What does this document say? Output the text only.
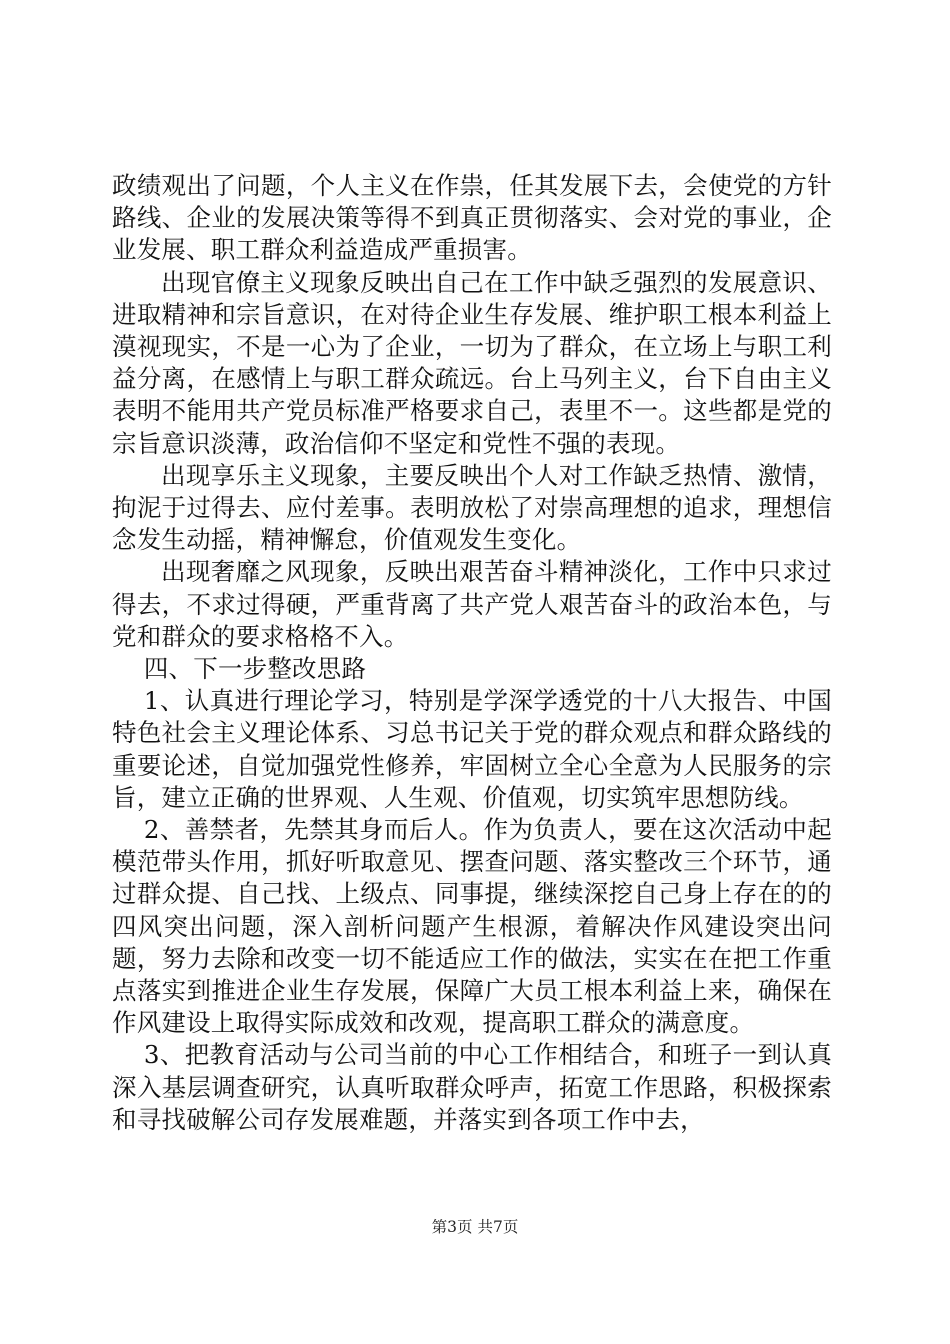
政绩观出了问题，个人主义在作祟，任其发展下去，会使党的方针路线、企业的发展决策等得不到真正贯彻落实、会对党的事业，企业发展、职工群众利益造成严重损害。

出现官僚主义现象反映出自己在工作中缺乏强烈的发展意识、进取精神和宗旨意识，在对待企业生存发展、维护职工根本利益上漠视现实，不是一心为了企业，一切为了群众，在立场上与职工利益分离，在感情上与职工群众疏远。台上马列主义，台下自由主义表明不能用共产党员标准严格要求自己，表里不一。这些都是党的宗旨意识淡薄，政治信仰不坚定和党性不强的表现。

出现享乐主义现象，主要反映出个人对工作缺乏热情、激情，拘泥于过得去、应付差事。表明放松了对崇高理想的追求，理想信念发生动摇，精神懈怠，价值观发生变化。

出现奢靡之风现象，反映出艰苦奋斗精神淡化，工作中只求过得去，不求过得硬，严重背离了共产党人艰苦奋斗的政治本色，与党和群众的要求格格不入。

四、下一步整改思路

1、认真进行理论学习，特别是学深学透党的十八大报告、中国特色社会主义理论体系、习总书记关于党的群众观点和群众路线的重要论述，自觉加强党性修养，牢固树立全心全意为人民服务的宗旨，建立正确的世界观、人生观、价值观，切实筑牢思想防线。

2、善禁者，先禁其身而后人。作为负责人，要在这次活动中起模范带头作用，抓好听取意见、摆查问题、落实整改三个环节，通过群众提、自己找、上级点、同事提，继续深挖自己身上存在的的四风突出问题，深入剖析问题产生根源，着解决作风建设突出问题，努力去除和改变一切不能适应工作的做法，实实在在把工作重点落实到推进企业生存发展，保障广大员工根本利益上来，确保在作风建设上取得实际成效和改观，提高职工群众的满意度。

3、把教育活动与公司当前的中心工作相结合，和班子一到认真深入基层调查研究，认真听取群众呼声，拓宽工作思路，积极探索和寻找破解公司存发展难题，并落实到各项工作中去，

第3页 共7页
